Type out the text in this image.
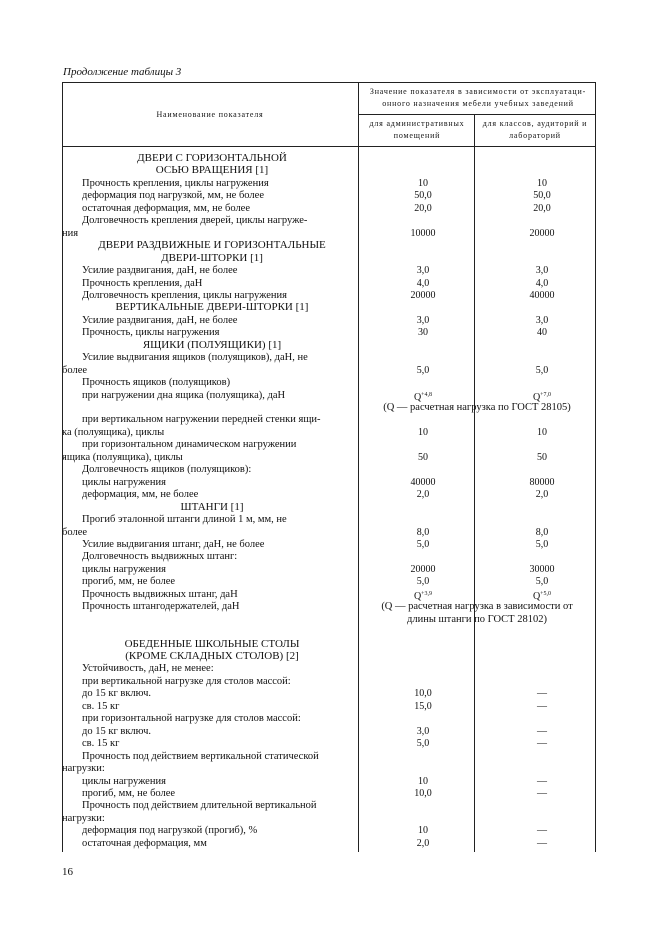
Продолжение таблицы 3
Наименование показателя
Значение показателя в зависимости от эксплуатаци-онного назначения мебели учебных заведений
для административных помещений
для классов, аудиторий и лабораторий
ДВЕРИ С ГОРИЗОНТАЛЬНОЙ
ОСЬЮ ВРАЩЕНИЯ [1]
Прочность крепления, циклы нагружения	10	10
деформация под нагрузкой, мм, не более	50,0	50,0
остаточная деформация, мм, не более	20,0	20,0
Долговечность крепления дверей, циклы нагруже-
ния	10000	20000
ДВЕРИ РАЗДВИЖНЫЕ И ГОРИЗОНТАЛЬНЫЕ
ДВЕРИ-ШТОРКИ [1]
Усилие раздвигания, даН, не более	3,0	3,0
Прочность крепления, даН	4,0	4,0
Долговечность крепления, циклы нагружения	20000	40000
ВЕРТИКАЛЬНЫЕ ДВЕРИ-ШТОРКИ [1]
Усилие раздвигания, даН, не более	3,0	3,0
Прочность, циклы нагружения	30	40
ЯЩИКИ (ПОЛУЯЩИКИ) [1]
Усилие выдвигания ящиков (полуящиков), даН, не
более	5,0	5,0
Прочность ящиков (полуящиков)
при нагружении дна ящика (полуящика), даН	$Q^{+4,8}$	$Q^{+7,0}$
(Q — расчетная нагрузка по ГОСТ 28105)
при вертикальном нагружении передней стенки ящи-
ка (полуящика), циклы	10	10
при горизонтальном динамическом нагружении
ящика (полуящика), циклы	50	50
Долговечность ящиков (полуящиков):
циклы нагружения	40000	80000
деформация, мм, не более	2,0	2,0
ШТАНГИ [1]
Прогиб эталонной штанги длиной 1 м, мм, не
более	8,0	8,0
Усилие выдвигания штанг, даН, не более	5,0	5,0
Долговечность выдвижных штанг:
циклы нагружения	20000	30000
прогиб, мм, не более	5,0	5,0
Прочность выдвижных штанг, даН	$Q^{+3,9}$	$Q^{+5,0}$
Прочность штангодержателей, даН	(Q — расчетная нагрузка в зависимости от
длины штанги по ГОСТ 28102)
ОБЕДЕННЫЕ ШКОЛЬНЫЕ СТОЛЫ
(КРОМЕ СКЛАДНЫХ СТОЛОВ) [2]
Устойчивость, даН, не менее:
при вертикальной нагрузке для столов массой:
до 15 кг включ.	10,0	—
св. 15 кг	15,0	—
при горизонтальной нагрузке для столов массой:
до 15 кг включ.	3,0	—
св. 15 кг	5,0	—
Прочность под действием вертикальной статической
нагрузки:
циклы нагружения	10	—
прогиб, мм, не более	10,0	—
Прочность под действием длительной вертикальной
нагрузки:
деформация под нагрузкой (прогиб), %	10	—
остаточная деформация, мм	2,0	—
16
